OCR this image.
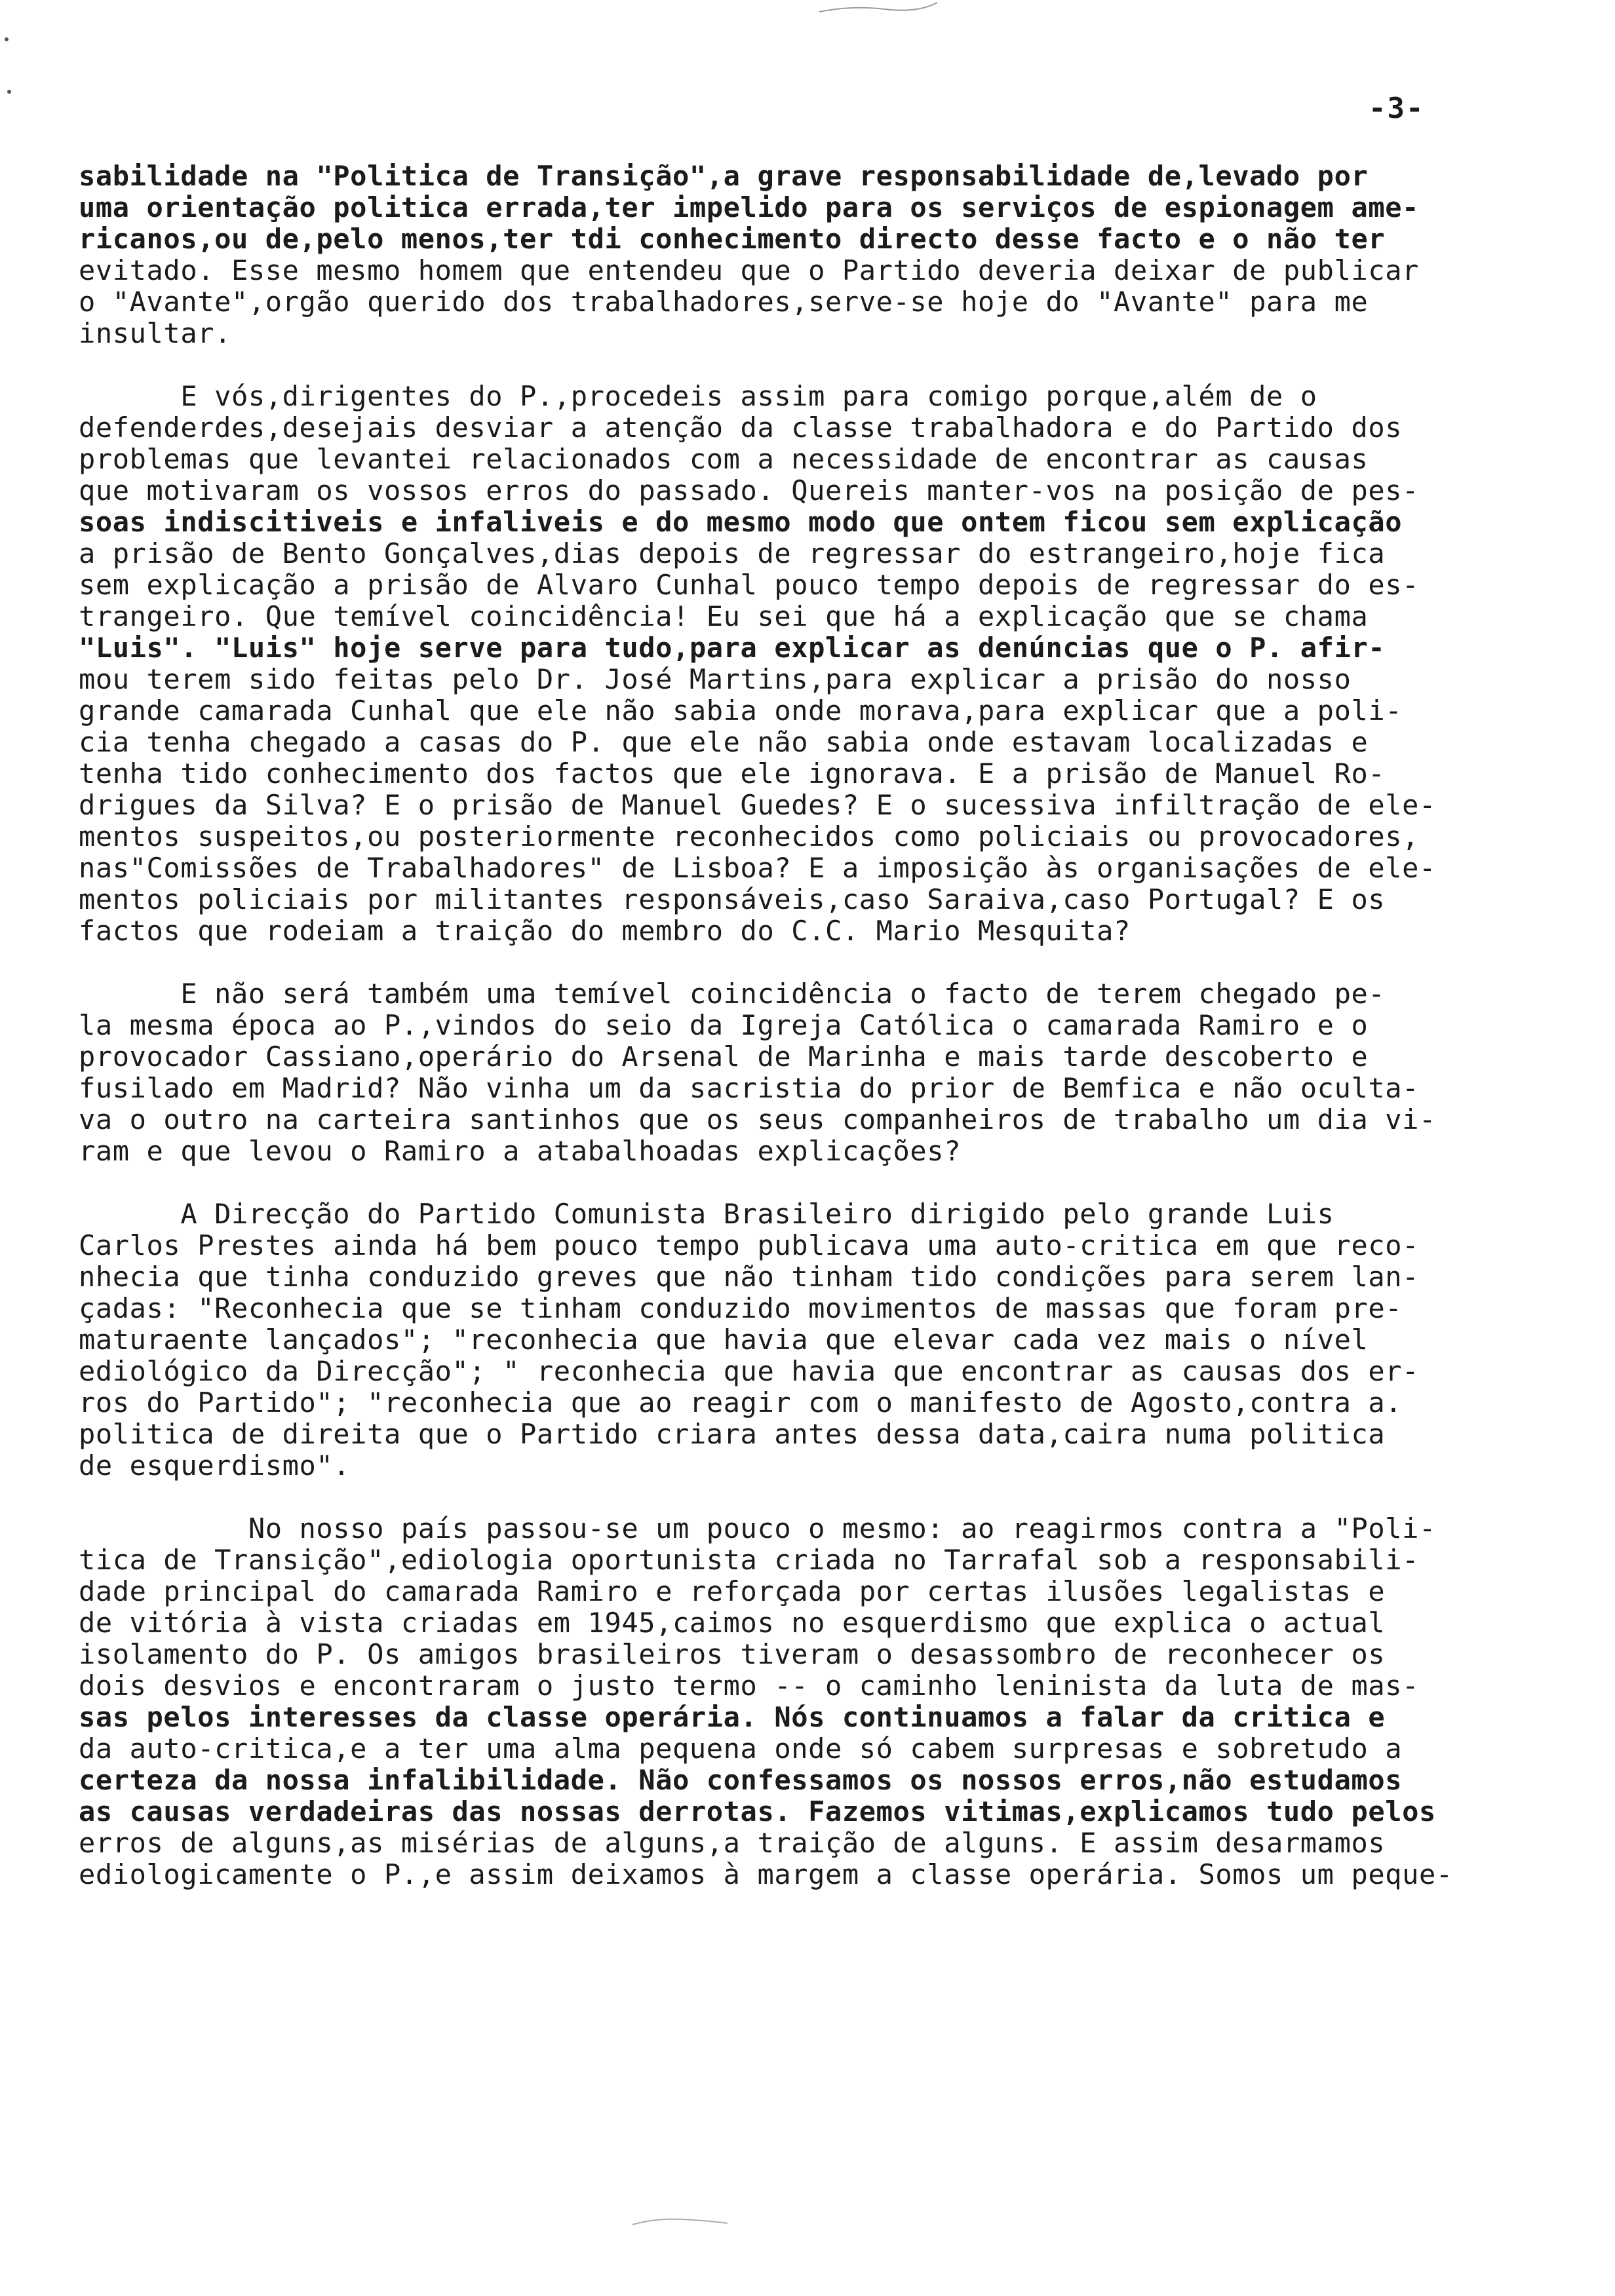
-3-
sabilidade na "Politica de Transição",a grave responsabilidade de,levado por
uma orientação politica errada,ter impelido para os serviços de espionagem ame-
ricanos,ou de,pelo menos,ter tdi conhecimento directo desse facto e o não ter
evitado. Esse mesmo homem que entendeu que o Partido deveria deixar de publicar
o "Avante",orgão querido dos trabalhadores,serve-se hoje do "Avante" para me
insultar.
E vós,dirigentes do P.,procedeis assim para comigo porque,além de o
defenderdes,desejais desviar a atenção da classe trabalhadora e do Partido dos
problemas que levantei relacionados com a necessidade de encontrar as causas
que motivaram os vossos erros do passado. Quereis manter-vos na posição de pes-
soas indiscitiveis e infaliveis e do mesmo modo que ontem ficou sem explicação
a prisão de Bento Gonçalves,dias depois de regressar do estrangeiro,hoje fica
sem explicação a prisão de Alvaro Cunhal pouco tempo depois de regressar do es-
trangeiro. Que temível coincidência! Eu sei que há a explicação que se chama
"Luis". "Luis" hoje serve para tudo,para explicar as denúncias que o P. afir-
mou terem sido feitas pelo Dr. José Martins,para explicar a prisão do nosso
grande camarada Cunhal que ele não sabia onde morava,para explicar que a poli-
cia tenha chegado a casas do P. que ele não sabia onde estavam localizadas e
tenha tido conhecimento dos factos que ele ignorava. E a prisão de Manuel Ro-
drigues da Silva? E o prisão de Manuel Guedes? E o sucessiva infiltração de ele-
mentos suspeitos,ou posteriormente reconhecidos como policiais ou provocadores,
nas"Comissões de Trabalhadores" de Lisboa? E a imposição às organisações de ele-
mentos policiais por militantes responsáveis,caso Saraiva,caso Portugal? E os
factos que rodeiam a traição do membro do C.C. Mario Mesquita?
E não será também uma temível coincidência o facto de terem chegado pe-
la mesma época ao P.,vindos do seio da Igreja Católica o camarada Ramiro e o
provocador Cassiano,operário do Arsenal de Marinha e mais tarde descoberto e
fusilado em Madrid? Não vinha um da sacristia do prior de Bemfica e não oculta-
va o outro na carteira santinhos que os seus companheiros de trabalho um dia vi-
ram e que levou o Ramiro a atabalhoadas explicações?
A Direcção do Partido Comunista Brasileiro dirigido pelo grande Luis
Carlos Prestes ainda há bem pouco tempo publicava uma auto-critica em que reco-
nhecia que tinha conduzido greves que não tinham tido condições para serem lan-
çadas: "Reconhecia que se tinham conduzido movimentos de massas que foram pre-
maturaente lançados"; "reconhecia que havia que elevar cada vez mais o nível
ediológico da Direcção"; " reconhecia que havia que encontrar as causas dos er-
ros do Partido"; "reconhecia que ao reagir com o manifesto de Agosto,contra a.
politica de direita que o Partido criara antes dessa data,caira numa politica
de esquerdismo".
No nosso país passou-se um pouco o mesmo: ao reagirmos contra a "Poli-
tica de Transição",ediologia oportunista criada no Tarrafal sob a responsabili-
dade principal do camarada Ramiro e reforçada por certas ilusões legalistas e
de vitória à vista criadas em 1945,caimos no esquerdismo que explica o actual
isolamento do P. Os amigos brasileiros tiveram o desassombro de reconhecer os
dois desvios e encontraram o justo termo -- o caminho leninista da luta de mas-
sas pelos interesses da classe operária. Nós continuamos a falar da critica e
da auto-critica,e a ter uma alma pequena onde só cabem surpresas e sobretudo a
certeza da nossa infalibilidade. Não confessamos os nossos erros,não estudamos
as causas verdadeiras das nossas derrotas. Fazemos vitimas,explicamos tudo pelos
erros de alguns,as misérias de alguns,a traição de alguns. E assim desarmamos
ediologicamente o P.,e assim deixamos à margem a classe operária. Somos um peque-
